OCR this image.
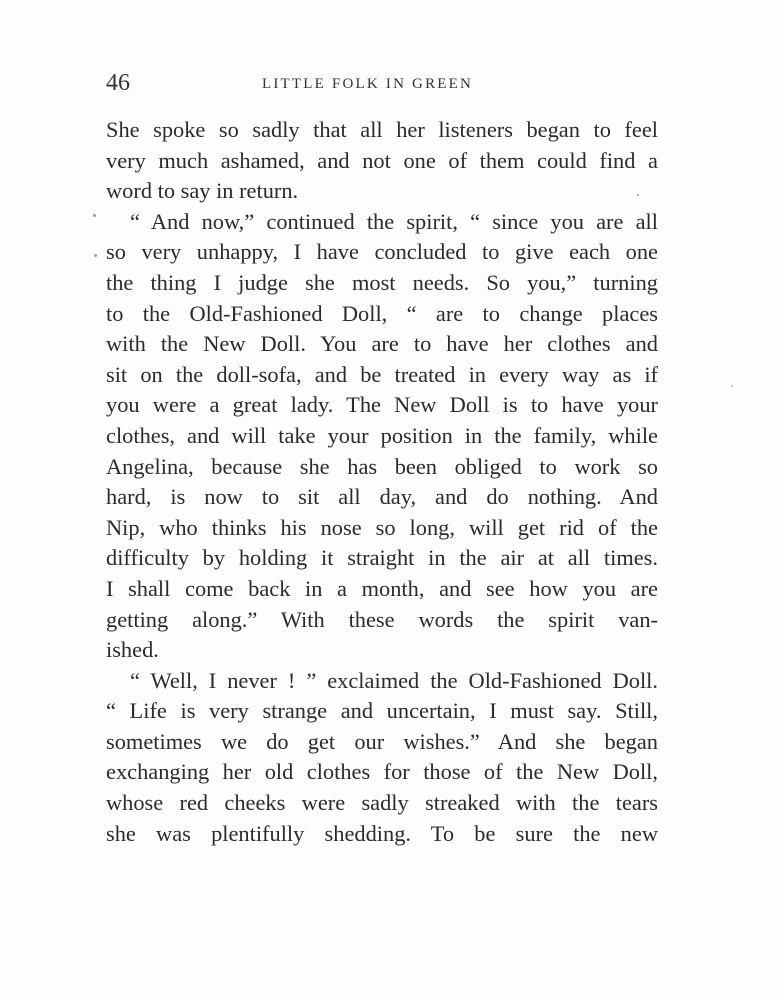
46	LITTLE FOLK IN GREEN
She spoke so sadly that all her listeners began to feel
very much ashamed, and not one of them could find a
word to say in return.
“ And now,” continued the spirit, “ since you are all
so very unhappy, I have concluded to give each one
the thing I judge she most needs. So you,” turning
to the Old-Fashioned Doll, “ are to change places
with the New Doll. You are to have her clothes and
sit on the doll-sofa, and be treated in every way as if
you were a great lady. The New Doll is to have your
clothes, and will take your position in the family, while
Angelina, because she has been obliged to work so
hard, is now to sit all day, and do nothing. And
Nip, who thinks his nose so long, will get rid of the
difficulty by holding it straight in the air at all times.
I shall come back in a month, and see how you are
getting along.” With these words the spirit van-
ished.
“ Well, I never ! ” exclaimed the Old-Fashioned Doll.
“ Life is very strange and uncertain, I must say. Still,
sometimes we do get our wishes.” And she began
exchanging her old clothes for those of the New Doll,
whose red cheeks were sadly streaked with the tears
she was plentifully shedding. To be sure the new
